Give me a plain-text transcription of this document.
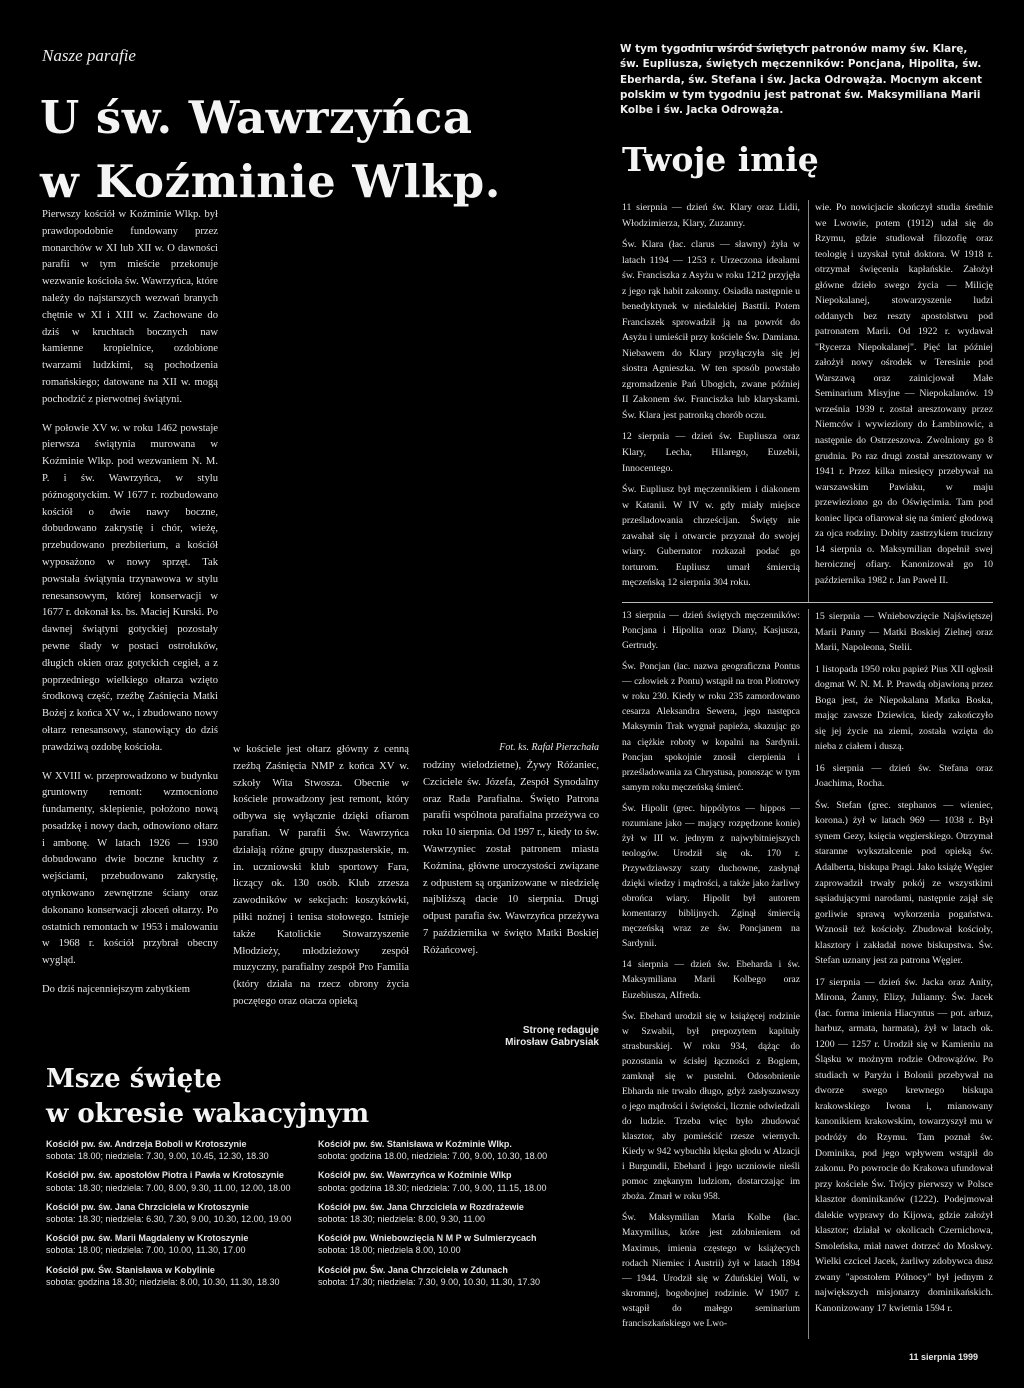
Nasze parafie
U św. Wawrzyńca
w Koźminie Wlkp.

Pierwszy kościół w Koźminie Wlkp. był prawdopodobnie fundowany przez monarchów w XI lub XII w. O dawności parafii w tym mieście przekonuje wezwanie kościoła św. Wawrzyńca, które należy do najstarszych wezwań branych chętnie w XI i XIII w. Zachowane do dziś w kruchtach bocznych naw kamienne kropielnice, ozdobione twarzami ludzkimi, są pochodzenia romańskiego; datowane na XII w. mogą pochodzić z pierwotnej świątyni.

W połowie XV w. w roku 1462 powstaje pierwsza świątynia murowana w Koźminie Wlkp. pod wezwaniem N. M. P. i św. Wawrzyńca, w stylu późnogotyckim. W 1677 r. rozbudowano kościół o dwie nawy boczne, dobudowano zakrystię i chór, wieżę, przebudowano prezbiterium, a kościół wyposażono w nowy sprzęt. Tak powstała świątynia trzynawowa w stylu renesansowym, której konserwacji w 1677 r. dokonał ks. bs. Maciej Kurski. Po dawnej świątyni gotyckiej pozostały pewne ślady w postaci ostrołuków, długich okien oraz gotyckich cegieł, a z poprzedniego wielkiego ołtarza wzięto środkową część, rzeźbę Zaśnięcia Matki Bożej z końca XV w., i zbudowano nowy ołtarz renesansowy, stanowiący do dziś prawdziwą ozdobę kościoła.

W XVIII w. przeprowadzono w budynku gruntowny remont: wzmocniono fundamenty, sklepienie, położono nową posadzkę i nowy dach, odnowiono ołtarz i ambonę. W latach 1926 — 1930 dobudowano dwie boczne kruchty z wejściami, przebudowano zakrystię, otynkowano zewnętrzne ściany oraz dokonano konserwacji złoceń ołtarzy. Po ostatnich remontach w 1953 i malowaniu w 1968 r. kościół przybrał obecny wygląd.

Do dziś najcenniejszym zabytkiem

w kościele jest ołtarz główny z cenną rzeźbą Zaśnięcia NMP z końca XV w. szkoły Wita Stwosza. Obecnie w kościele prowadzony jest remont, który odbywa się wyłącznie dzięki ofiarom parafian. W parafii Św. Wawrzyńca działają różne grupy duszpasterskie, m. in. uczniowski klub sportowy Fara, liczący ok. 130 osób. Klub zrzesza zawodników w sekcjach: koszykówki, piłki nożnej i tenisa stołowego. Istnieje także Katolickie Stowarzyszenie Młodzieży, młodzieżowy zespół muzyczny, parafialny zespół Pro Familia (który działa na rzecz obrony życia poczętego oraz otacza opieką

Fot. ks. Rafał Pierzchała

rodziny wielodzietne), Żywy Różaniec, Czciciele św. Józefa, Zespół Synodalny oraz Rada Parafialna. Święto Patrona parafii wspólnota parafialna przeżywa co roku 10 sierpnia. Od 1997 r., kiedy to św. Wawrzyniec został patronem miasta Koźmina, główne uroczystości związane z odpustem są organizowane w niedzielę najbliższą dacie 10 sierpnia. Drugi odpust parafia św. Wawrzyńca przeżywa 7 października w święto Matki Boskiej Różańcowej.

Stronę redaguje
Mirosław Gabrysiak
Msze święte
w okresie wakacyjnym
Kościół pw. św. Andrzeja Boboli w Krotoszynie
sobota: 18.00; niedziela: 7.30, 9.00, 10.45, 12.30, 18.30
Kościół pw. św. apostołów Piotra i Pawła w Krotoszynie
sobota: 18.30; niedziela: 7.00, 8.00, 9.30, 11.00, 12.00, 18.00
Kościół pw. św. Jana Chrzciciela w Krotoszynie
sobota: 18.30; niedziela: 6.30, 7.30, 9.00, 10.30, 12.00, 19.00
Kościół pw. św. Marii Magdaleny w Krotoszynie
sobota: 18.00; niedziela: 7.00, 10.00, 11.30, 17.00
Kościół pw. Św. Stanisława w Kobylinie
sobota: godzina 18.30; niedziela: 8.00, 10.30, 11.30, 18.30
Kościół pw. św. Stanisława w Koźminie Wlkp.
sobota: godzina 18.00, niedziela: 7.00, 9.00, 10.30, 18.00
Kościół pw. św. Wawrzyńca w Koźminie Wlkp
sobota: godzina 18.30; niedziela: 7.00, 9.00, 11.15, 18.00
Kościół pw. św. Jana Chrzciciela w Rozdrażewie
sobota: 18.30; niedziela: 8.00, 9.30, 11.00
Kościół pw. Wniebowzięcia N M P w Sulmierzycach
sobota: 18.00; niedziela 8.00, 10.00
Kościół pw. Św. Jana Chrzciciela w Zdunach
sobota: 17.30; niedziela: 7.30, 9.00, 10.30, 11.30, 17.30
W tym tygodniu wśród świętych patronów mamy św. Klarę, św. Eupliusza, świętych męczenników: Poncjana, Hipolita, św. Eberharda, św. Stefana i św. Jacka Odrowąża. Mocnym akcent polskim w tym tygodniu jest patronat św. Maksymiliana Marii Kolbe i św. Jacka Odrowąża.
Twoje imię

11 sierpnia — dzień św. Klary oraz Lidii, Włodzimierza, Klary, Zuzanny.

Św. Klara (łac. clarus — sławny) żyła w latach 1194 — 1253 r. Urzeczona ideałami św. Franciszka z Asyżu w roku 1212 przyjęła z jego rąk habit zakonny. Osiadła następnie u benedyktynek w niedalekiej Basttii. Potem Franciszek sprowadził ją na powrót do Asyżu i umieścił przy kościele Św. Damiana. Niebawem do Klary przyłączyła się jej siostra Agnieszka. W ten sposób powstało zgromadzenie Pań Ubogich, zwane później II Zakonem św. Franciszka lub klaryskami. Św. Klara jest patronką chorób oczu.

12 sierpnia — dzień św. Eupliusza oraz Klary, Lecha, Hilarego, Euzebii, Innocentego.

Św. Eupliusz był męczennikiem i diakonem w Katanii. W IV w. gdy miały miejsce prześladowania chrześcijan. Święty nie zawahał się i otwarcie przyznał do swojej wiary. Gubernator rozkazał podać go torturom. Eupliusz umarł śmiercią męczeńską 12 sierpnia 304 roku.

wie. Po nowicjacie skończył studia średnie we Lwowie, potem (1912) udał się do Rzymu, gdzie studiował filozofię oraz teologię i uzyskał tytuł doktora. W 1918 r. otrzymał święcenia kapłańskie. Założył główne dzieło swego życia — Milicję Niepokalanej, stowarzyszenie ludzi oddanych bez reszty apostolstwu pod patronatem Marii. Od 1922 r. wydawał "Rycerza Niepokalanej". Pięć lat później założył nowy ośrodek w Teresinie pod Warszawą oraz zainicjował Małe Seminarium Misyjne — Niepokalanów. 19 września 1939 r. został aresztowany przez Niemców i wywieziony do Łambinowic, a następnie do Ostrzeszowa. Zwolniony go 8 grudnia. Po raz drugi został aresztowany w 1941 r. Przez kilka miesięcy przebywał na warszawskim Pawiaku, w maju przewieziono go do Oświęcimia. Tam pod koniec lipca ofiarował się na śmierć głodową za ojca rodziny. Dobity zastrzykiem trucizny 14 sierpnia o. Maksymilian dopełnił swej heroicznej ofiary. Kanonizował go 10 października 1982 r. Jan Paweł II.

13 sierpnia — dzień świętych męczenników: Poncjana i Hipolita oraz Diany, Kasjusza, Gertrudy.

Św. Poncjan (łac. nazwa geograficzna Pontus — człowiek z Pontu) wstąpił na tron Piotrowy w roku 230. Kiedy w roku 235 zamordowano cesarza Aleksandra Sewera, jego następca Maksymin Trak wygnał papieża, skazując go na ciężkie roboty w kopalni na Sardynii. Poncjan spokojnie znosił cierpienia i prześladowania za Chrystusa, ponosząc w tym samym roku męczeńską śmierć.

Św. Hipolit (grec. hippólytos — hippos — rozumiane jako — mający rozpędzone konie) żył w III w. jednym z najwybitniejszych teologów. Urodził się ok. 170 r. Przywdziawszy szaty duchowne, zasłynął dzięki wiedzy i mądrości, a także jako żarliwy obrońca wiary. Hipolit był autorem komentarzy biblijnych. Zginął śmiercią męczeńską wraz ze św. Poncjanem na Sardynii.

14 sierpnia — dzień św. Ebeharda i św. Maksymiliana Marii Kolbego oraz Euzebiusza, Alfreda.

Św. Ebehard urodził się w książęcej rodzinie w Szwabii, był prepozytem kapituły strasburskiej. W roku 934, dążąc do pozostania w ścisłej łączności z Bogiem, zamknął się w pustelni. Odosobnienie Ebharda nie trwało długo, gdyż zasłyszawszy o jego mądrości i świętości, licznie odwiedzali do ludzie. Trzeba więc było zbudować klasztor, aby pomieścić rzesze wiernych. Kiedy w 942 wybuchła klęska głodu w Alzacji i Burgundii, Ebehard i jego uczniowie nieśli pomoc znękanym ludziom, dostarczając im zboża. Zmarł w roku 958.

Św. Maksymilian Maria Kolbe (łac. Maxymilius, które jest zdobnieniem od Maximus, imienia częstego w książęcych rodach Niemiec i Austrii) żył w latach 1894 — 1944. Urodził się w Zduńskiej Woli, w skromnej, bogobojnej rodzinie. W 1907 r. wstąpił do małego seminarium franciszkańskiego we Lwo-

15 sierpnia — Wniebowzięcie Najświętszej Marii Panny — Matki Boskiej Zielnej oraz Marii, Napoleona, Stelii.

1 listopada 1950 roku papież Pius XII ogłosił dogmat W. N. M. P. Prawdą objawioną przez Boga jest, że Niepokalana Matka Boska, mając zawsze Dziewica, kiedy zakończyło się jej życie na ziemi, została wzięta do nieba z ciałem i duszą.

16 sierpnia — dzień św. Stefana oraz Joachima, Rocha.

Św. Stefan (grec. stephanos — wieniec, korona.) żył w latach 969 — 1038 r. Był synem Gezy, księcia węgierskiego. Otrzymał staranne wykształcenie pod opieką św. Adalberta, biskupa Pragi. Jako książę Węgier zaprowadził trwały pokój ze wszystkimi sąsiadującymi narodami, następnie zajął się gorliwie sprawą wykorzenia pogaństwa. Wznosił też kościoły. Zbudował kościoły, klasztory i zakładał nowe biskupstwa. Św. Stefan uznany jest za patrona Węgier.

17 sierpnia — dzień św. Jacka oraz Anity, Mirona, Żanny, Elizy, Julianny. Św. Jacek (łac. forma imienia Hiacyntus — pot. arbuz, harbuz, armata, harmata), żył w latach ok. 1200 — 1257 r. Urodził się w Kamieniu na Śląsku w możnym rodzie Odrowążów. Po studiach w Paryżu i Bolonii przebywał na dworze swego krewnego biskupa krakowskiego Iwona i, mianowany kanonikiem krakowskim, towarzyszył mu w podróży do Rzymu. Tam poznał św. Dominika, pod jego wpływem wstąpił do zakonu. Po powrocie do Krakowa ufundował przy kościele Św. Trójcy pierwszy w Polsce klasztor dominikanów (1222). Podejmował dalekie wyprawy do Kijowa, gdzie założył klasztor; działał w okolicach Czernichowa, Smoleńska, miał nawet dotrzeć do Moskwy. Wielki czcicel Jacek, żarliwy zdobywca dusz zwany "apostołem Północy" był jednym z największych misjonarzy dominikańskich. Kanonizowany 17 kwietnia 1594 r.

11 sierpnia 1999
